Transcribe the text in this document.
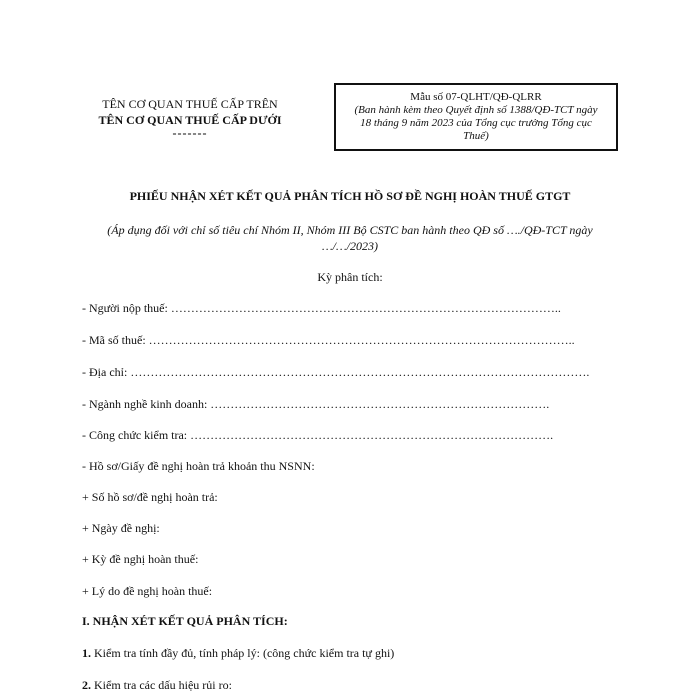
TÊN CƠ QUAN THUẾ CẤP TRÊN
TÊN CƠ QUAN THUẾ CẤP DƯỚI
-------
Mẫu số 07-QLHT/QĐ-QLRR
(Ban hành kèm theo Quyết định số 1388/QĐ-TCT ngày
18 tháng 9 năm 2023 của Tổng cục trưởng Tổng cục
Thuế)
PHIẾU NHẬN XÉT KẾT QUẢ PHÂN TÍCH HỒ SƠ ĐỀ NGHỊ HOÀN THUẾ GTGT
(Áp dụng đối với chỉ số tiêu chí Nhóm II, Nhóm III Bộ CSTC ban hành theo QĐ số …./QĐ-TCT ngày
…/…/2023)
Kỳ phân tích:
- Người nộp thuế: ……………………………………………………………………………………..
- Mã số thuế: ……………………………………………………………………………………………..
- Địa chỉ: …………………………………………………………………………………………………….
- Ngành nghề kinh doanh: ………………………………………………………………………….
- Công chức kiểm tra: ……………………………………………………………………………….
- Hồ sơ/Giấy đề nghị hoàn trả khoản thu NSNN:
+ Số hồ sơ/đề nghị hoàn trả:
+ Ngày đề nghị:
+ Kỳ đề nghị hoàn thuế:
+ Lý do đề nghị hoàn thuế:
I. NHẬN XÉT KẾT QUẢ PHÂN TÍCH:
1. Kiểm tra tính đầy đủ, tính pháp lý: (công chức kiểm tra tự ghi)
2. Kiểm tra các dấu hiệu rủi ro:
